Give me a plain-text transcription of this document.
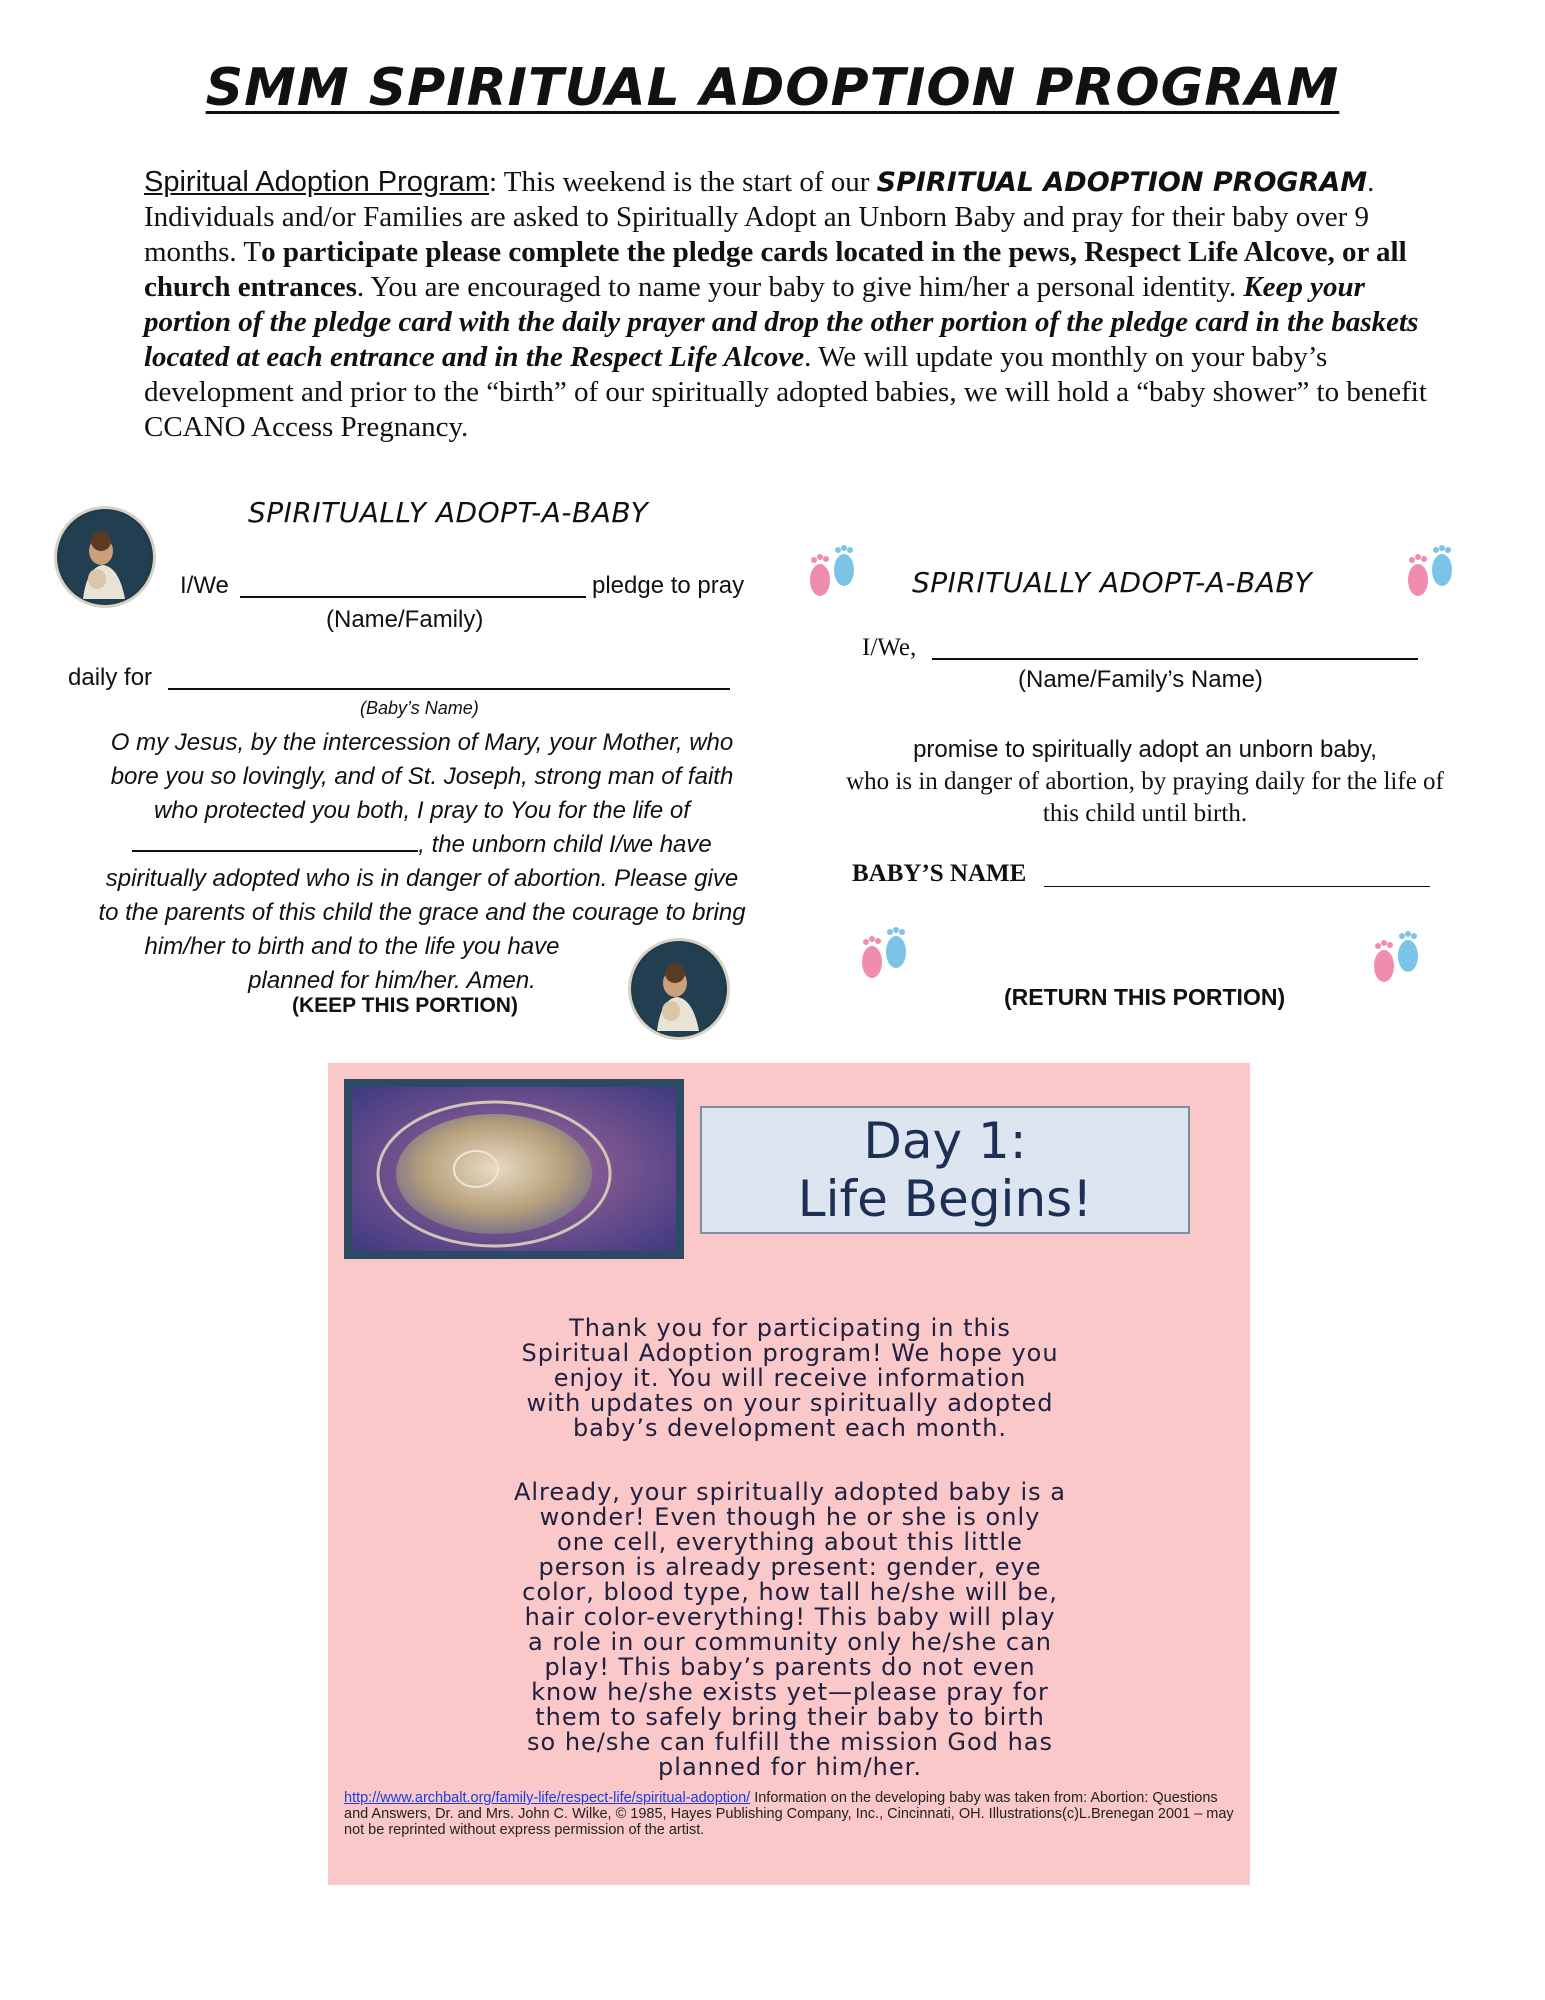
SMM SPIRITUAL ADOPTION PROGRAM
Spiritual Adoption Program: This weekend is the start of our SPIRITUAL ADOPTION PROGRAM. Individuals and/or Families are asked to Spiritually Adopt an Unborn Baby and pray for their baby over 9 months. To participate please complete the pledge cards located in the pews, Respect Life Alcove, or all church entrances. You are encouraged to name your baby to give him/her a personal identity. Keep your portion of the pledge card with the daily prayer and drop the other portion of the pledge card in the baskets located at each entrance and in the Respect Life Alcove. We will update you monthly on your baby’s development and prior to the “birth” of our spiritually adopted babies, we will hold a “baby shower” to benefit CCANO Access Pregnancy.
SPIRITUALLY ADOPT-A-BABY
I/We	pledge to pray
(Name/Family)
daily for
(Baby’s Name)
O my Jesus, by the intercession of Mary, your Mother, who
bore you so lovingly, and of St. Joseph, strong man of faith
who protected you both, I pray to You for the life of
, the unborn child I/we have
spiritually adopted who is in danger of abortion. Please give
to the parents of this child the grace and the courage to bring
him/her to birth and to the life you have
planned for him/her. Amen.
(KEEP THIS PORTION)
SPIRITUALLY ADOPT-A-BABY
I/We,
(Name/Family’s Name)
promise to spiritually adopt an unborn baby,
who is in danger of abortion, by praying daily for the life of
this child until birth.
BABY’S NAME
(RETURN THIS PORTION)
Day 1:
Life Begins!
Thank you for participating in this
Spiritual Adoption program! We hope you
enjoy it. You will receive information
with updates on your spiritually adopted
baby’s development each month.
Already, your spiritually adopted baby is a
wonder! Even though he or she is only
one cell, everything about this little
person is already present: gender, eye
color, blood type, how tall he/she will be,
hair color-everything! This baby will play
a role in our community only he/she can
play! This baby’s parents do not even
know he/she exists yet—please pray for
them to safely bring their baby to birth
so he/she can fulfill the mission God has
planned for him/her.
http://www.archbalt.org/family-life/respect-life/spiritual-adoption/ Information on the developing baby was taken from: Abortion: Questions and Answers, Dr. and Mrs. John C. Wilke, © 1985, Hayes Publishing Company, Inc., Cincinnati, OH. Illustrations(c)L.Brenegan 2001 – may not be reprinted without express permission of the artist.
